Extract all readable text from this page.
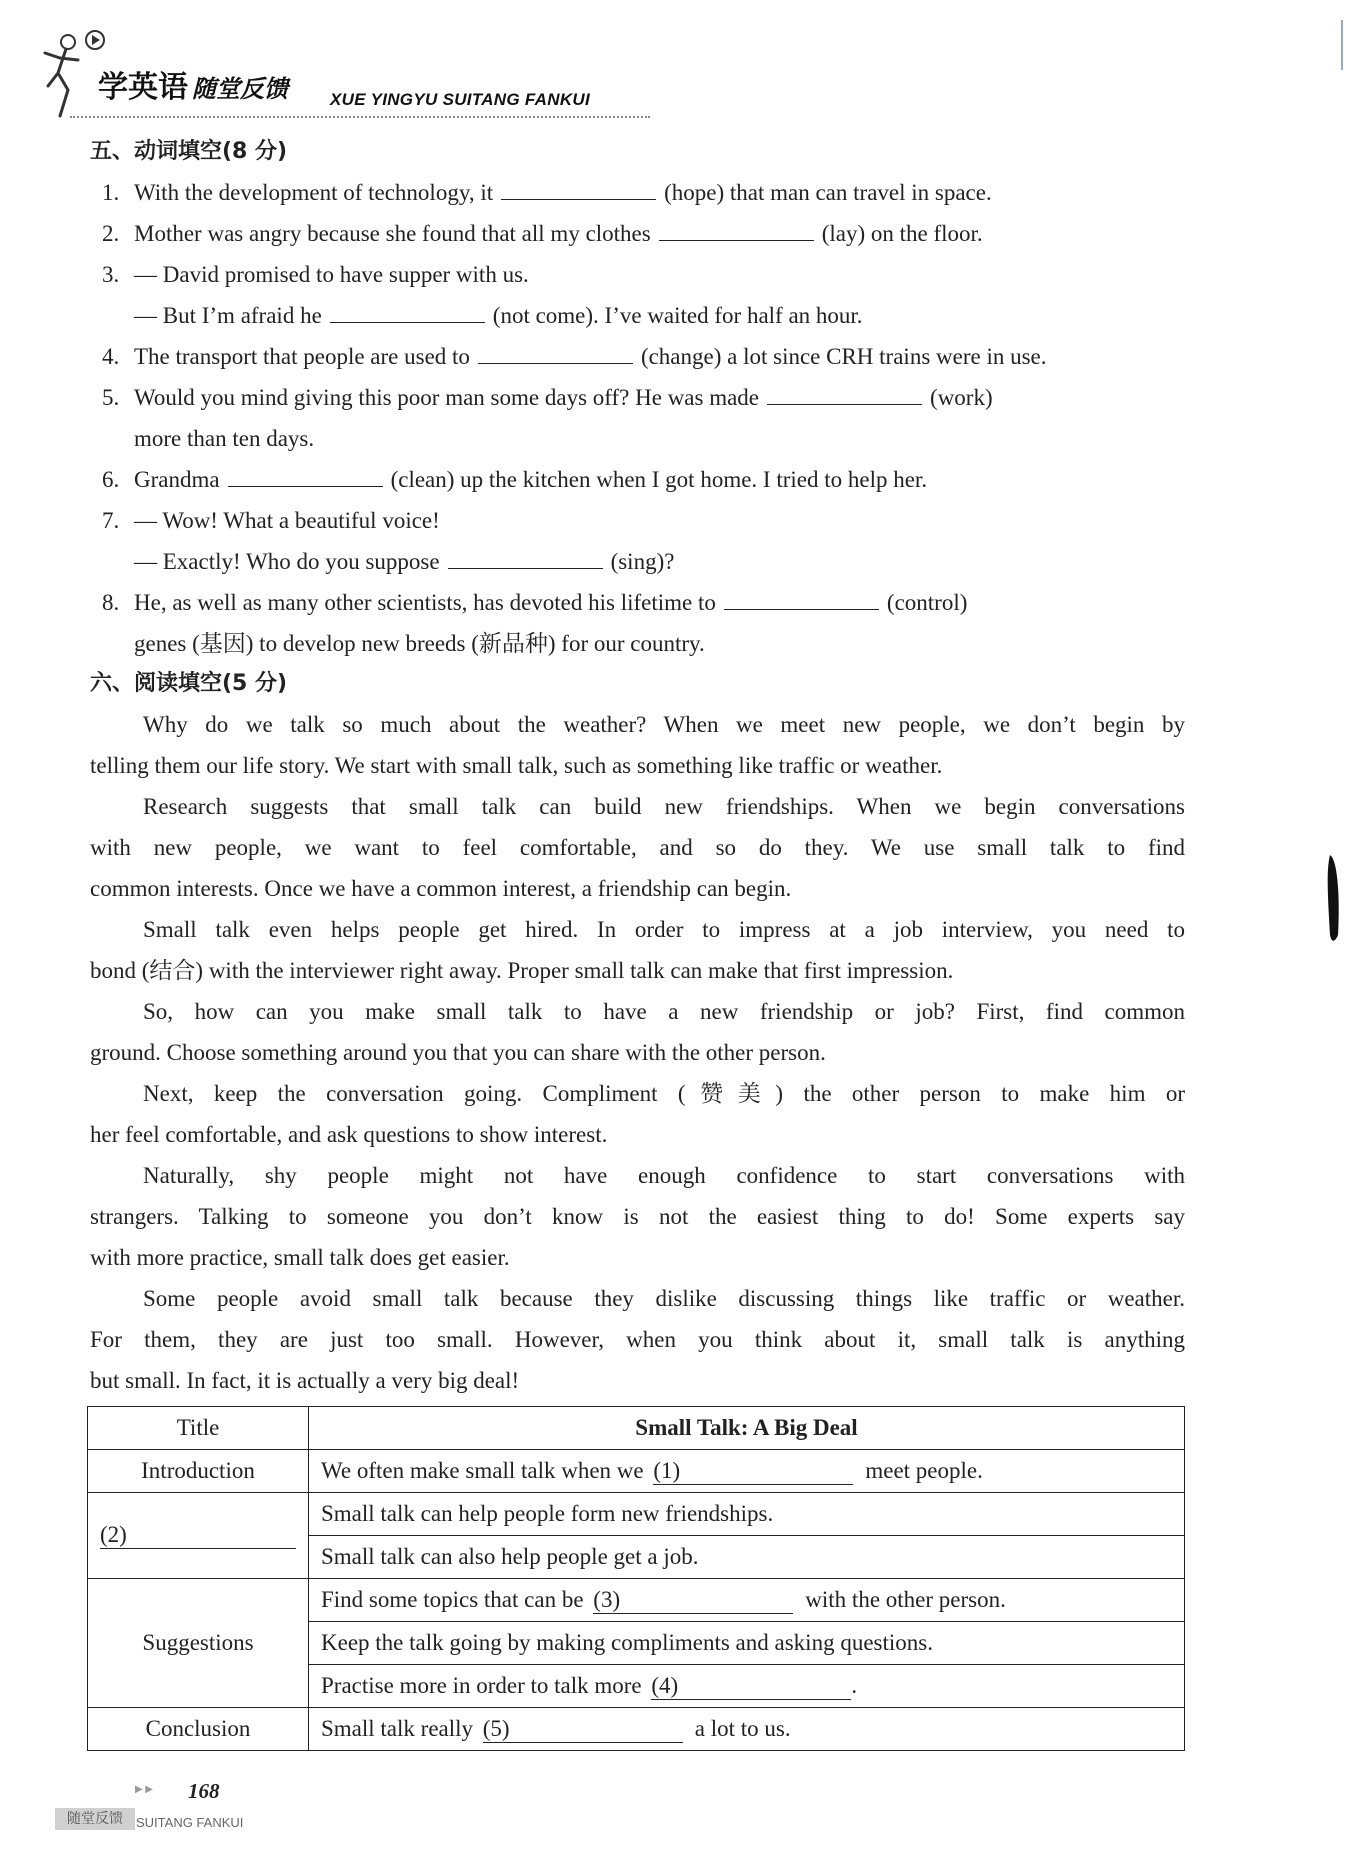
学英语 随堂反馈 XUE YINGYU SUITANG FANKUI
五、动词填空(8 分)
1. With the development of technology, it	(hope) that man can travel in space.
2. Mother was angry because she found that all my clothes	(lay) on the floor.
3. — David promised to have supper with us.
— But I’m afraid he	(not come). I’ve waited for half an hour.
4. The transport that people are used to	(change) a lot since CRH trains were in use.
5. Would you mind giving this poor man some days off? He was made	(work)
more than ten days.
6. Grandma	(clean) up the kitchen when I got home. I tried to help her.
7. — Wow! What a beautiful voice!
— Exactly! Who do you suppose	(sing)?
8. He, as well as many other scientists, has devoted his lifetime to	(control)
genes (基因) to develop new breeds (新品种) for our country.
六、阅读填空(5 分)
Why do we talk so much about the weather? When we meet new people, we don’t begin by
telling them our life story. We start with small talk, such as something like traffic or weather.
Research suggests that small talk can build new friendships. When we begin conversations
with new people, we want to feel comfortable, and so do they. We use small talk to find
common interests. Once we have a common interest, a friendship can begin.
Small talk even helps people get hired. In order to impress at a job interview, you need to
bond (结合) with the interviewer right away. Proper small talk can make that first impression.
So, how can you make small talk to have a new friendship or job? First, find common
ground. Choose something around you that you can share with the other person.
Next, keep the conversation going. Compliment (赞美) the other person to make him or
her feel comfortable, and ask questions to show interest.
Naturally, shy people might not have enough confidence to start conversations with
strangers. Talking to someone you don’t know is not the easiest thing to do! Some experts say
with more practice, small talk does get easier.
Some people avoid small talk because they dislike discussing things like traffic or weather.
For them, they are just too small. However, when you think about it, small talk is anything
but small. In fact, it is actually a very big deal!
Title	Small Talk: A Big Deal
Introduction	We often make small talk when we (1) meet people.
(2)	Small talk can help people form new friendships.
	Small talk can also help people get a job.
Suggestions	Find some topics that can be (3) with the other person.
	Keep the talk going by making compliments and asking questions.
	Practise more in order to talk more (4) .
Conclusion	Small talk really (5) a lot to us.
▶ ▶ 168
随堂反馈	SUITANG FANKUI
